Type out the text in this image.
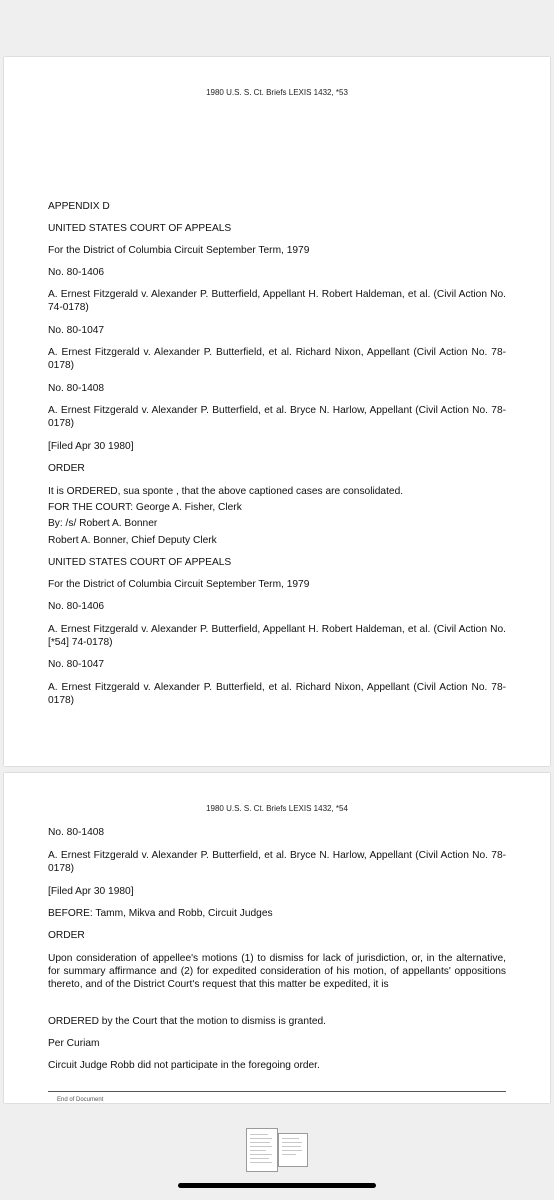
1980 U.S. S. Ct. Briefs LEXIS 1432, *53
APPENDIX D
UNITED STATES COURT OF APPEALS
For the District of Columbia Circuit September Term, 1979
No. 80-1406
A. Ernest Fitzgerald v. Alexander P. Butterfield, Appellant H. Robert Haldeman, et al. (Civil Action No. 74-0178)
No. 80-1047
A. Ernest Fitzgerald v. Alexander P. Butterfield, et al. Richard Nixon, Appellant (Civil Action No. 78-0178)
No. 80-1408
A. Ernest Fitzgerald v. Alexander P. Butterfield, et al. Bryce N. Harlow, Appellant (Civil Action No. 78-0178)
[Filed Apr 30 1980]
ORDER
It is ORDERED, sua sponte , that the above captioned cases are consolidated.
FOR THE COURT: George A. Fisher, Clerk
By: /s/ Robert A. Bonner
Robert A. Bonner, Chief Deputy Clerk
UNITED STATES COURT OF APPEALS
For the District of Columbia Circuit September Term, 1979
No. 80-1406
A. Ernest Fitzgerald v. Alexander P. Butterfield, Appellant H. Robert Haldeman, et al. (Civil Action No. [*54] 74-0178)
No. 80-1047
A. Ernest Fitzgerald v. Alexander P. Butterfield, et al. Richard Nixon, Appellant (Civil Action No. 78-0178)
1980 U.S. S. Ct. Briefs LEXIS 1432, *54
No. 80-1408
A. Ernest Fitzgerald v. Alexander P. Butterfield, et al. Bryce N. Harlow, Appellant (Civil Action No. 78-0178)
[Filed Apr 30 1980]
BEFORE: Tamm, Mikva and Robb, Circuit Judges
ORDER
Upon consideration of appellee's motions (1) to dismiss for lack of jurisdiction, or, in the alternative, for summary affirmance and (2) for expedited consideration of his motion, of appellants' oppositions thereto, and of the District Court's request that this matter be expedited, it is
ORDERED by the Court that the motion to dismiss is granted.
Per Curiam
Circuit Judge Robb did not participate in the foregoing order.
End of Document
